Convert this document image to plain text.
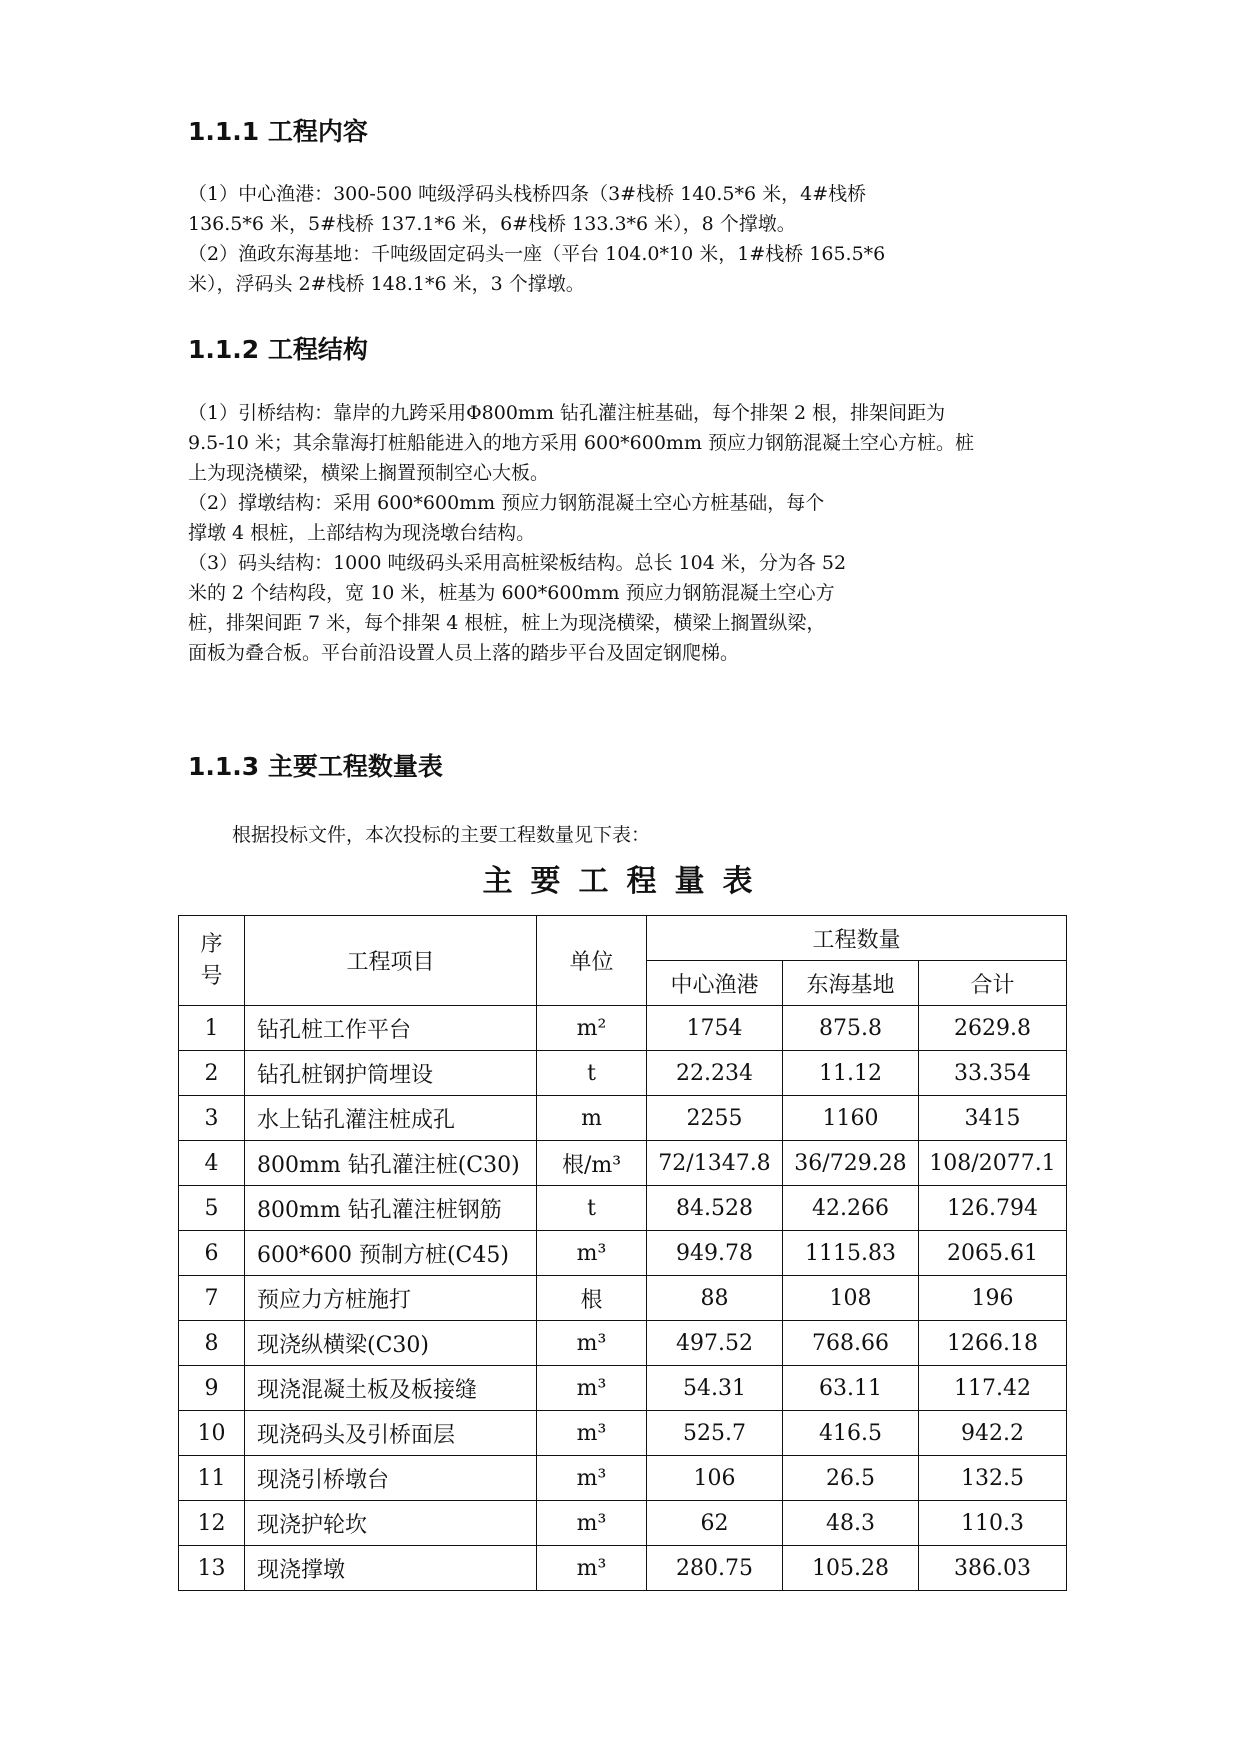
1.1.1 工程内容

（1）中心渔港：300-500 吨级浮码头栈桥四条（3#栈桥 140.5*6 米，4#栈桥
136.5*6 米，5#栈桥 137.1*6 米，6#栈桥 133.3*6 米），8 个撑墩。
（2）渔政东海基地：千吨级固定码头一座（平台 104.0*10 米，1#栈桥 165.5*6
米），浮码头 2#栈桥 148.1*6 米，3 个撑墩。

1.1.2 工程结构

（1）引桥结构：靠岸的九跨采用Φ800mm 钻孔灌注桩基础，每个排架 2 根，排架间距为
9.5-10 米；其余靠海打桩船能进入的地方采用 600*600mm 预应力钢筋混凝土空心方桩。桩
上为现浇横梁，横梁上搁置预制空心大板。
（2）撑墩结构：采用 600*600mm 预应力钢筋混凝土空心方桩基础，每个
撑墩 4 根桩，上部结构为现浇墩台结构。
（3）码头结构：1000 吨级码头采用高桩梁板结构。总长 104 米，分为各 52
米的 2 个结构段，宽 10 米，桩基为 600*600mm 预应力钢筋混凝土空心方
桩，排架间距 7 米，每个排架 4 根桩，桩上为现浇横梁，横梁上搁置纵梁，
面板为叠合板。平台前沿设置人员上落的踏步平台及固定钢爬梯。

1.1.3 主要工程数量表

根据投标文件，本次投标的主要工程数量见下表：

主要工程量表
序
号	工程项目	单位	工程数量		
			中心渔港	东海基地	合计
1	钻孔桩工作平台	m²	1754	875.8	2629.8
2	钻孔桩钢护筒埋设	t	22.234	11.12	33.354
3	水上钻孔灌注桩成孔	m	2255	1160	3415
4	800mm 钻孔灌注桩(C30)	根/m³	72/1347.8	36/729.28	108/2077.1
5	800mm 钻孔灌注桩钢筋	t	84.528	42.266	126.794
6	600*600 预制方桩(C45)	m³	949.78	1115.83	2065.61
7	预应力方桩施打	根	88	108	196
8	现浇纵横梁(C30)	m³	497.52	768.66	1266.18
9	现浇混凝土板及板接缝	m³	54.31	63.11	117.42
10	现浇码头及引桥面层	m³	525.7	416.5	942.2
11	现浇引桥墩台	m³	106	26.5	132.5
12	现浇护轮坎	m³	62	48.3	110.3
13	现浇撑墩	m³	280.75	105.28	386.03
